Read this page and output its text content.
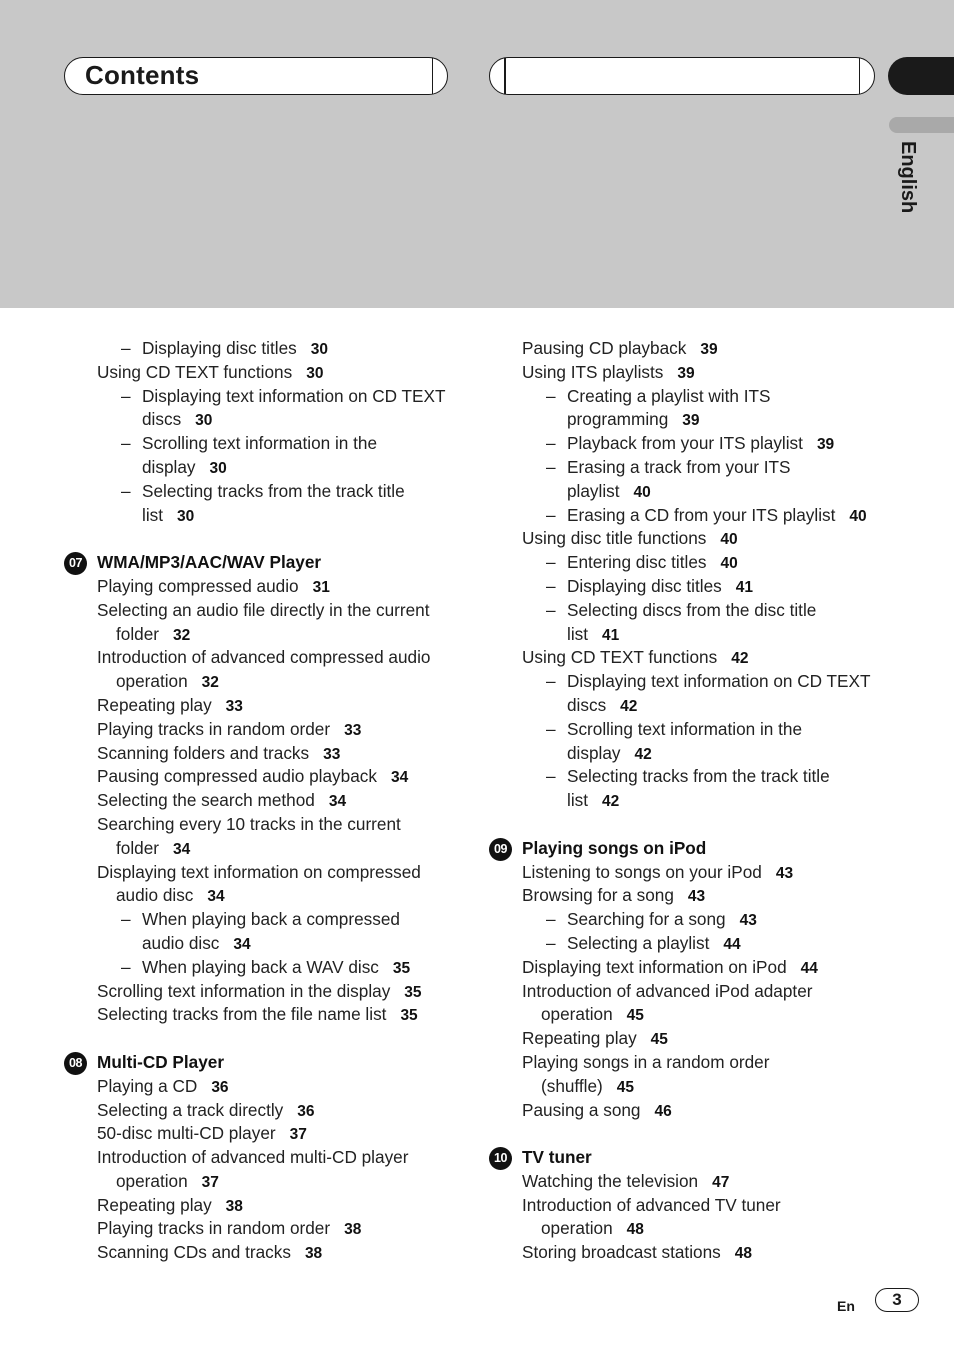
Contents
English
– Displaying disc titles 30
Using CD TEXT functions 30
– Displaying text information on CD TEXT
discs 30
– Scrolling text information in the
display 30
– Selecting tracks from the track title
list 30
07 WMA/MP3/AAC/WAV Player
Playing compressed audio 31
Selecting an audio file directly in the current
folder 32
Introduction of advanced compressed audio
operation 32
Repeating play 33
Playing tracks in random order 33
Scanning folders and tracks 33
Pausing compressed audio playback 34
Selecting the search method 34
Searching every 10 tracks in the current
folder 34
Displaying text information on compressed
audio disc 34
– When playing back a compressed
audio disc 34
– When playing back a WAV disc 35
Scrolling text information in the display 35
Selecting tracks from the file name list 35
08 Multi-CD Player
Playing a CD 36
Selecting a track directly 36
50-disc multi-CD player 37
Introduction of advanced multi-CD player
operation 37
Repeating play 38
Playing tracks in random order 38
Scanning CDs and tracks 38
Pausing CD playback 39
Using ITS playlists 39
– Creating a playlist with ITS
programming 39
– Playback from your ITS playlist 39
– Erasing a track from your ITS
playlist 40
– Erasing a CD from your ITS playlist 40
Using disc title functions 40
– Entering disc titles 40
– Displaying disc titles 41
– Selecting discs from the disc title
list 41
Using CD TEXT functions 42
– Displaying text information on CD TEXT
discs 42
– Scrolling text information in the
display 42
– Selecting tracks from the track title
list 42
09 Playing songs on iPod
Listening to songs on your iPod 43
Browsing for a song 43
– Searching for a song 43
– Selecting a playlist 44
Displaying text information on iPod 44
Introduction of advanced iPod adapter
operation 45
Repeating play 45
Playing songs in a random order
(shuffle) 45
Pausing a song 46
10 TV tuner
Watching the television 47
Introduction of advanced TV tuner
operation 48
Storing broadcast stations 48
En	3
